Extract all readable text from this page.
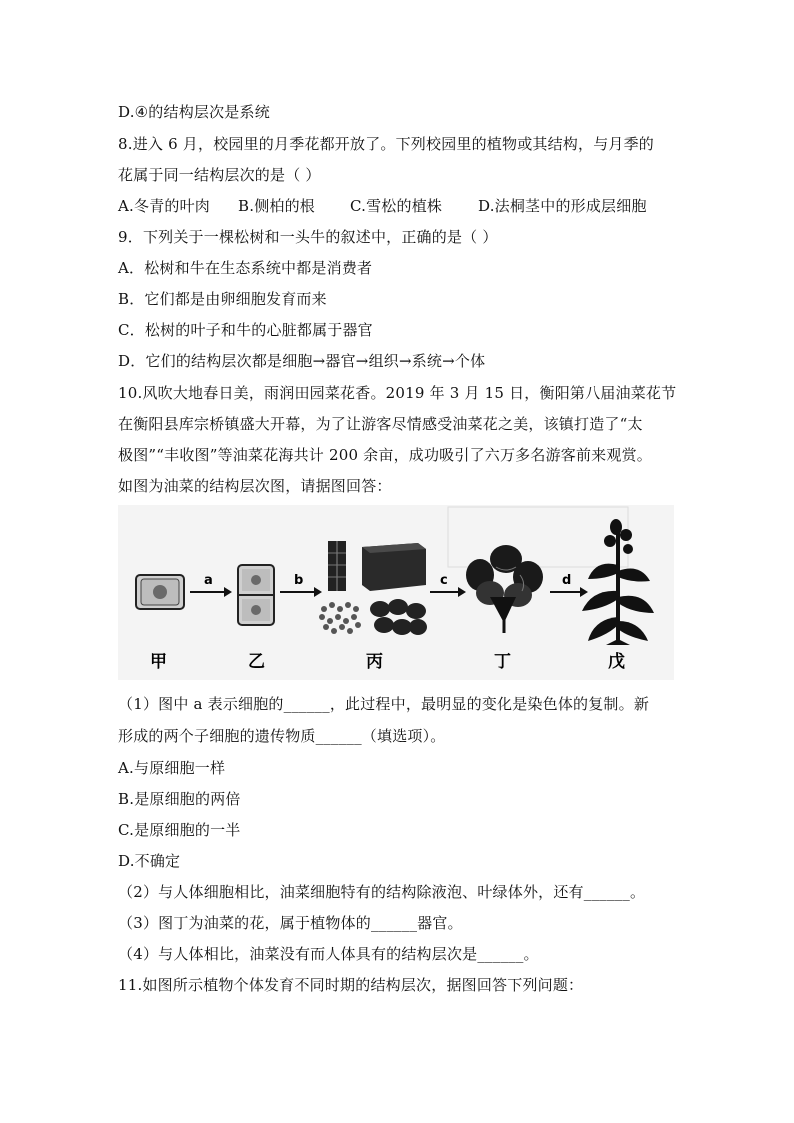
D.④的结构层次是系统
8.进入 6 月，校园里的月季花都开放了。下列校园里的植物或其结构，与月季的
花属于同一结构层次的是（ ）
A.冬青的叶肉 B.侧柏的根 C.雪松的植株 D.法桐茎中的形成层细胞
9．下列关于一棵松树和一头牛的叙述中，正确的是（ ）
A．松树和牛在生态系统中都是消费者
B．它们都是由卵细胞发育而来
C．松树的叶子和牛的心脏都属于器官
D．它们的结构层次都是细胞→器官→组织→系统→个体
10.风吹大地春日美，雨润田园菜花香。2019 年 3 月 15 日，衡阳第八届油菜花节
在衡阳县库宗桥镇盛大开幕，为了让游客尽情感受油菜花之美，该镇打造了“太
极图”“丰收图”等油菜花海共计 200 余亩，成功吸引了六万多名游客前来观赏。
如图为油菜的结构层次图，请据图回答：
a	b	c	d
甲	乙	丙	丁	戊
（1）图中 a 表示细胞的______，此过程中，最明显的变化是染色体的复制。新
形成的两个子细胞的遗传物质______（填选项）。
A.与原细胞一样
B.是原细胞的两倍
C.是原细胞的一半
D.不确定
（2）与人体细胞相比，油菜细胞特有的结构除液泡、叶绿体外，还有______。
（3）图丁为油菜的花，属于植物体的______器官。
（4）与人体相比，油菜没有而人体具有的结构层次是______。
11.如图所示植物个体发育不同时期的结构层次，据图回答下列问题：
